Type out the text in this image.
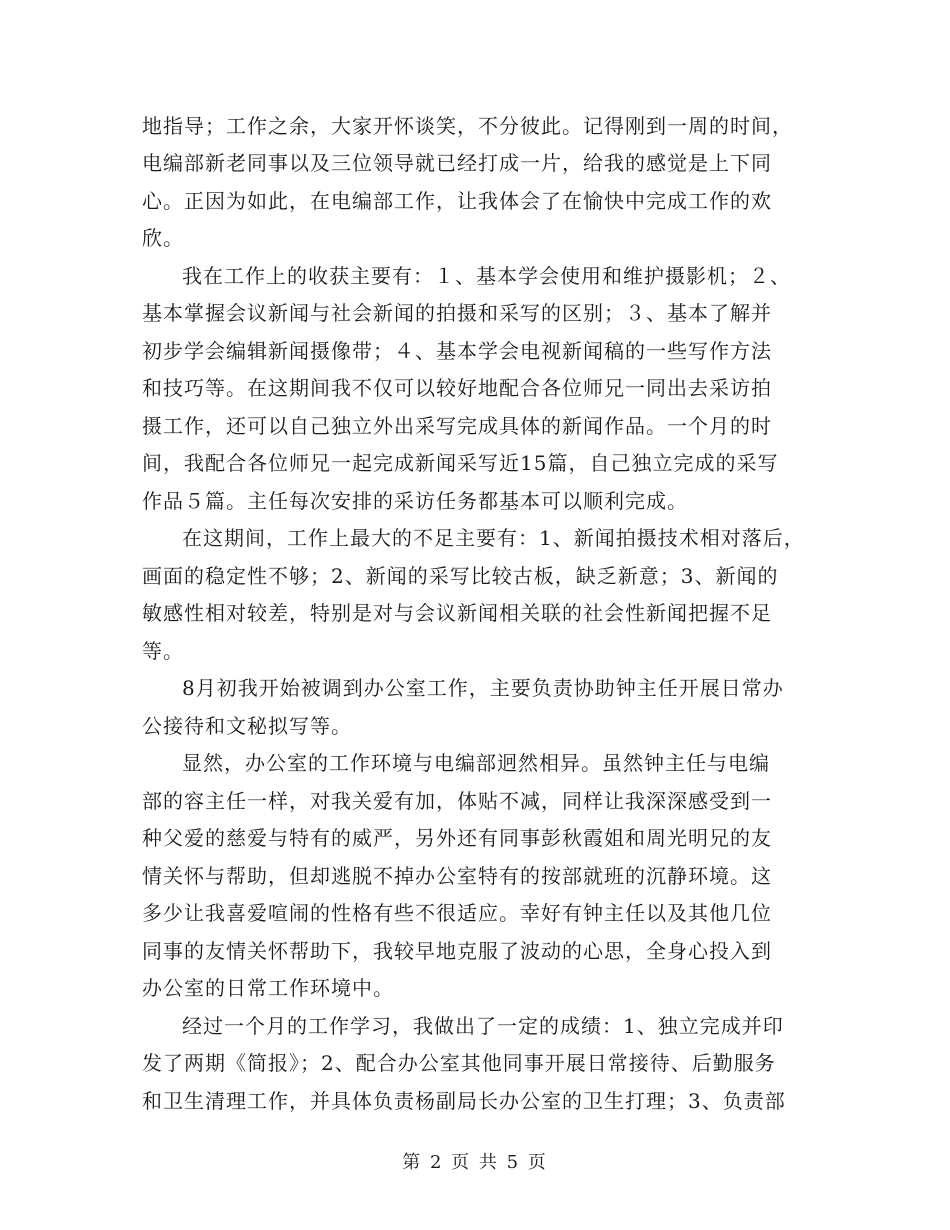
地指导；工作之余，大家开怀谈笑，不分彼此。记得刚到一周的时间，
电编部新老同事以及三位领导就已经打成一片，给我的感觉是上下同
心。正因为如此，在电编部工作，让我体会了在愉快中完成工作的欢
欣。
我在工作上的收获主要有：１、基本学会使用和维护摄影机；２、
基本掌握会议新闻与社会新闻的拍摄和采写的区别；３、基本了解并
初步学会编辑新闻摄像带；４、基本学会电视新闻稿的一些写作方法
和技巧等。在这期间我不仅可以较好地配合各位师兄一同出去采访拍
摄工作，还可以自己独立外出采写完成具体的新闻作品。一个月的时
间，我配合各位师兄一起完成新闻采写近15篇，自己独立完成的采写
作品５篇。主任每次安排的采访任务都基本可以顺利完成。
在这期间，工作上最大的不足主要有：1、新闻拍摄技术相对落后，
画面的稳定性不够；2、新闻的采写比较古板，缺乏新意；3、新闻的
敏感性相对较差，特别是对与会议新闻相关联的社会性新闻把握不足
等。
8月初我开始被调到办公室工作，主要负责协助钟主任开展日常办
公接待和文秘拟写等。
显然，办公室的工作环境与电编部迥然相异。虽然钟主任与电编
部的容主任一样，对我关爱有加，体贴不减，同样让我深深感受到一
种父爱的慈爱与特有的威严，另外还有同事彭秋霞姐和周光明兄的友
情关怀与帮助，但却逃脱不掉办公室特有的按部就班的沉静环境。这
多少让我喜爱喧闹的性格有些不很适应。幸好有钟主任以及其他几位
同事的友情关怀帮助下，我较早地克服了波动的心思，全身心投入到
办公室的日常工作环境中。
经过一个月的工作学习，我做出了一定的成绩：1、独立完成并印
发了两期《简报》；2、配合办公室其他同事开展日常接待、后勤服务
和卫生清理工作，并具体负责杨副局长办公室的卫生打理；3、负责部
第 2 页 共 5 页
